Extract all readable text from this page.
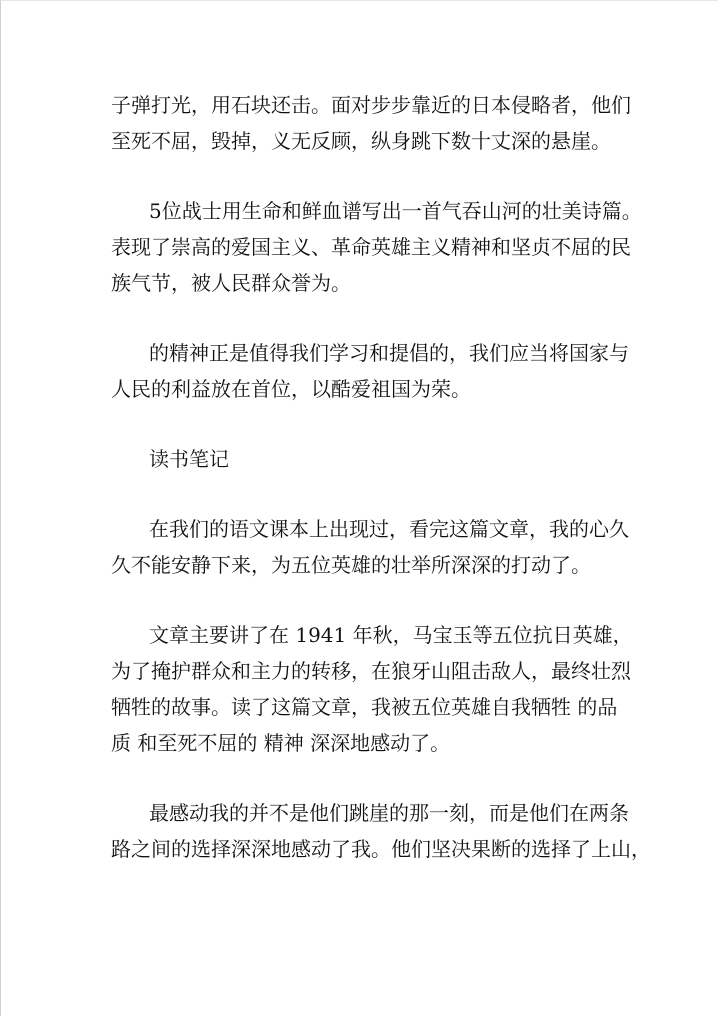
子弹打光，用石块还击。面对步步靠近的日本侵略者，他们
至死不屈，毁掉，义无反顾，纵身跳下数十丈深的悬崖。

5位战士用生命和鲜血谱写出一首气吞山河的壮美诗篇。
表现了崇高的爱国主义、革命英雄主义精神和坚贞不屈的民
族气节，被人民群众誉为。

的精神正是值得我们学习和提倡的，我们应当将国家与
人民的利益放在首位，以酷爱祖国为荣。

读书笔记

在我们的语文课本上出现过，看完这篇文章，我的心久
久不能安静下来，为五位英雄的壮举所深深的打动了。

文章主要讲了在 1941 年秋，马宝玉等五位抗日英雄，
为了掩护群众和主力的转移，在狼牙山阻击敌人，最终壮烈
牺牲的故事。读了这篇文章，我被五位英雄自我牺牲 的品
质 和至死不屈的 精神 深深地感动了。

最感动我的并不是他们跳崖的那一刻，而是他们在两条
路之间的选择深深地感动了我。他们坚决果断的选择了上山，
